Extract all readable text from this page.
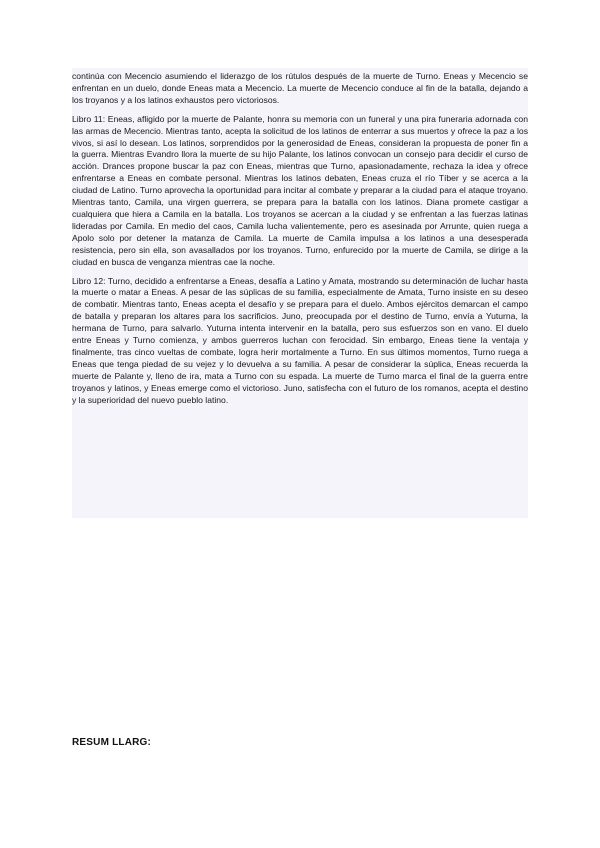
continúa con Mecencio asumiendo el liderazgo de los rútulos después de la muerte de Turno. Eneas y Mecencio se enfrentan en un duelo, donde Eneas mata a Mecencio. La muerte de Mecencio conduce al fin de la batalla, dejando a los troyanos y a los latinos exhaustos pero victoriosos.

Libro 11: Eneas, afligido por la muerte de Palante, honra su memoria con un funeral y una pira funeraria adornada con las armas de Mecencio. Mientras tanto, acepta la solicitud de los latinos de enterrar a sus muertos y ofrece la paz a los vivos, si así lo desean. Los latinos, sorprendidos por la generosidad de Eneas, consideran la propuesta de poner fin a la guerra. Mientras Evandro llora la muerte de su hijo Palante, los latinos convocan un consejo para decidir el curso de acción. Drances propone buscar la paz con Eneas, mientras que Turno, apasionadamente, rechaza la idea y ofrece enfrentarse a Eneas en combate personal. Mientras los latinos debaten, Eneas cruza el río Tíber y se acerca a la ciudad de Latino. Turno aprovecha la oportunidad para incitar al combate y preparar a la ciudad para el ataque troyano. Mientras tanto, Camila, una virgen guerrera, se prepara para la batalla con los latinos. Diana promete castigar a cualquiera que hiera a Camila en la batalla. Los troyanos se acercan a la ciudad y se enfrentan a las fuerzas latinas lideradas por Camila. En medio del caos, Camila lucha valientemente, pero es asesinada por Arrunte, quien ruega a Apolo solo por detener la matanza de Camila. La muerte de Camila impulsa a los latinos a una desesperada resistencia, pero sin ella, son avasallados por los troyanos. Turno, enfurecido por la muerte de Camila, se dirige a la ciudad en busca de venganza mientras cae la noche.

Libro 12: Turno, decidido a enfrentarse a Eneas, desafía a Latino y Amata, mostrando su determinación de luchar hasta la muerte o matar a Eneas. A pesar de las súplicas de su familia, especialmente de Amata, Turno insiste en su deseo de combatir. Mientras tanto, Eneas acepta el desafío y se prepara para el duelo. Ambos ejércitos demarcan el campo de batalla y preparan los altares para los sacrificios. Juno, preocupada por el destino de Turno, envía a Yuturna, la hermana de Turno, para salvarlo. Yuturna intenta intervenir en la batalla, pero sus esfuerzos son en vano. El duelo entre Eneas y Turno comienza, y ambos guerreros luchan con ferocidad. Sin embargo, Eneas tiene la ventaja y finalmente, tras cinco vueltas de combate, logra herir mortalmente a Turno. En sus últimos momentos, Turno ruega a Eneas que tenga piedad de su vejez y lo devuelva a su familia. A pesar de considerar la súplica, Eneas recuerda la muerte de Palante y, lleno de ira, mata a Turno con su espada. La muerte de Turno marca el final de la guerra entre troyanos y latinos, y Eneas emerge como el victorioso. Juno, satisfecha con el futuro de los romanos, acepta el destino y la superioridad del nuevo pueblo latino.

RESUM LLARG:
